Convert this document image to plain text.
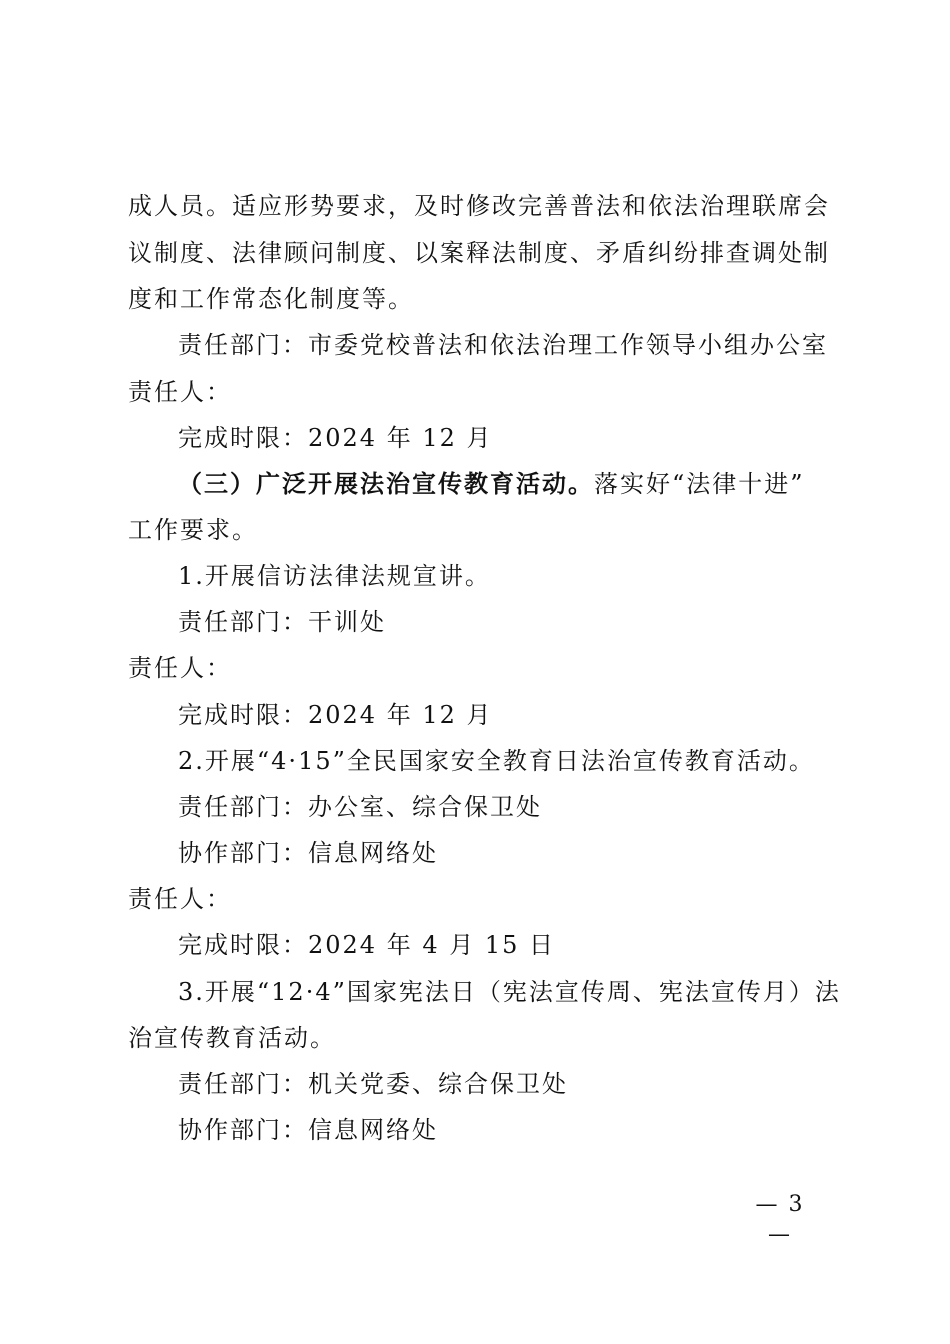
成人员。适应形势要求，及时修改完善普法和依法治理联席会
议制度、法律顾问制度、以案释法制度、矛盾纠纷排查调处制
度和工作常态化制度等。
责任部门：市委党校普法和依法治理工作领导小组办公室
责任人：
完成时限：2024 年 12 月
（三）广泛开展法治宣传教育活动。落实好“法律十进”
工作要求。
1.开展信访法律法规宣讲。
责任部门：干训处
责任人：
完成时限：2024 年 12 月
2.开展“4·15”全民国家安全教育日法治宣传教育活动。
责任部门：办公室、综合保卫处
协作部门：信息网络处
责任人：
完成时限：2024 年 4 月 15 日
3.开展“12·4”国家宪法日（宪法宣传周、宪法宣传月）法
治宣传教育活动。
责任部门：机关党委、综合保卫处
协作部门：信息网络处
— 3 —
